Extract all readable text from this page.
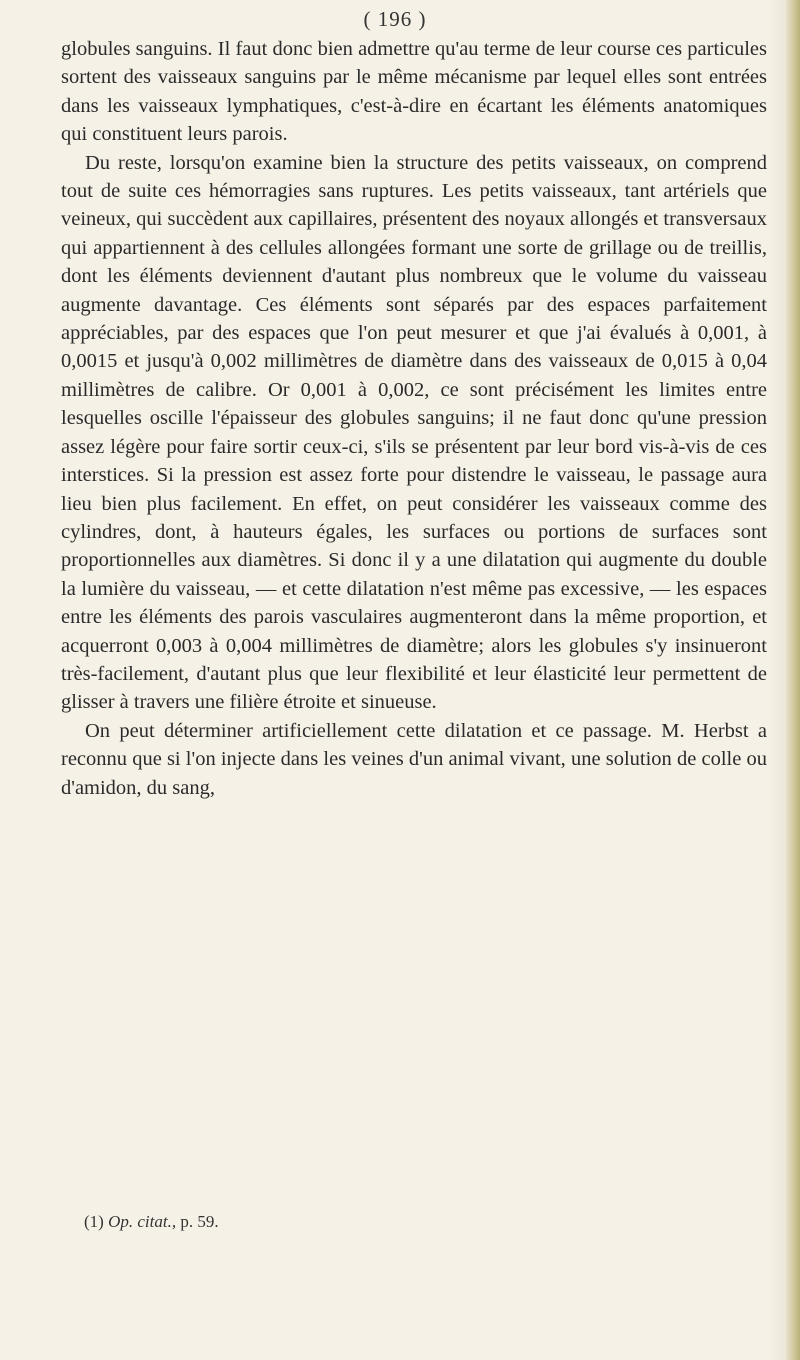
( 196 )

globules sanguins. Il faut donc bien admettre qu'au terme de leur course ces particules sortent des vaisseaux sanguins par le même mécanisme par lequel elles sont entrées dans les vaisseaux lymphatiques, c'est-à-dire en écartant les éléments anatomiques qui constituent leurs parois.

Du reste, lorsqu'on examine bien la structure des petits vaisseaux, on comprend tout de suite ces hémorragies sans ruptures. Les petits vaisseaux, tant artériels que veineux, qui succèdent aux capillaires, présentent des noyaux allongés et transversaux qui appartiennent à des cellules allongées formant une sorte de grillage ou de treillis, dont les éléments deviennent d'autant plus nombreux que le volume du vaisseau augmente davantage. Ces éléments sont séparés par des espaces parfaitement appréciables, par des espaces que l'on peut mesurer et que j'ai évalués à 0,001, à 0,0015 et jusqu'à 0,002 millimètres de diamètre dans des vaisseaux de 0,015 à 0,04 millimètres de calibre. Or 0,001 à 0,002, ce sont précisément les limites entre lesquelles oscille l'épaisseur des globules sanguins; il ne faut donc qu'une pression assez légère pour faire sortir ceux-ci, s'ils se présentent par leur bord vis-à-vis de ces interstices. Si la pression est assez forte pour distendre le vaisseau, le passage aura lieu bien plus facilement. En effet, on peut considérer les vaisseaux comme des cylindres, dont, à hauteurs égales, les surfaces ou portions de surfaces sont proportionnelles aux diamètres. Si donc il y a une dilatation qui augmente du double la lumière du vaisseau, — et cette dilatation n'est même pas excessive, — les espaces entre les éléments des parois vasculaires augmenteront dans la même proportion, et acquerront 0,003 à 0,004 millimètres de diamètre; alors les globules s'y insinueront très-facilement, d'autant plus que leur flexibilité et leur élasticité leur permettent de glisser à travers une filière étroite et sinueuse.

On peut déterminer artificiellement cette dilatation et ce passage. M. Herbst a reconnu que si l'on injecte dans les veines d'un animal vivant, une solution de colle ou d'amidon, du sang,

(1) Op. citat., p. 59.
